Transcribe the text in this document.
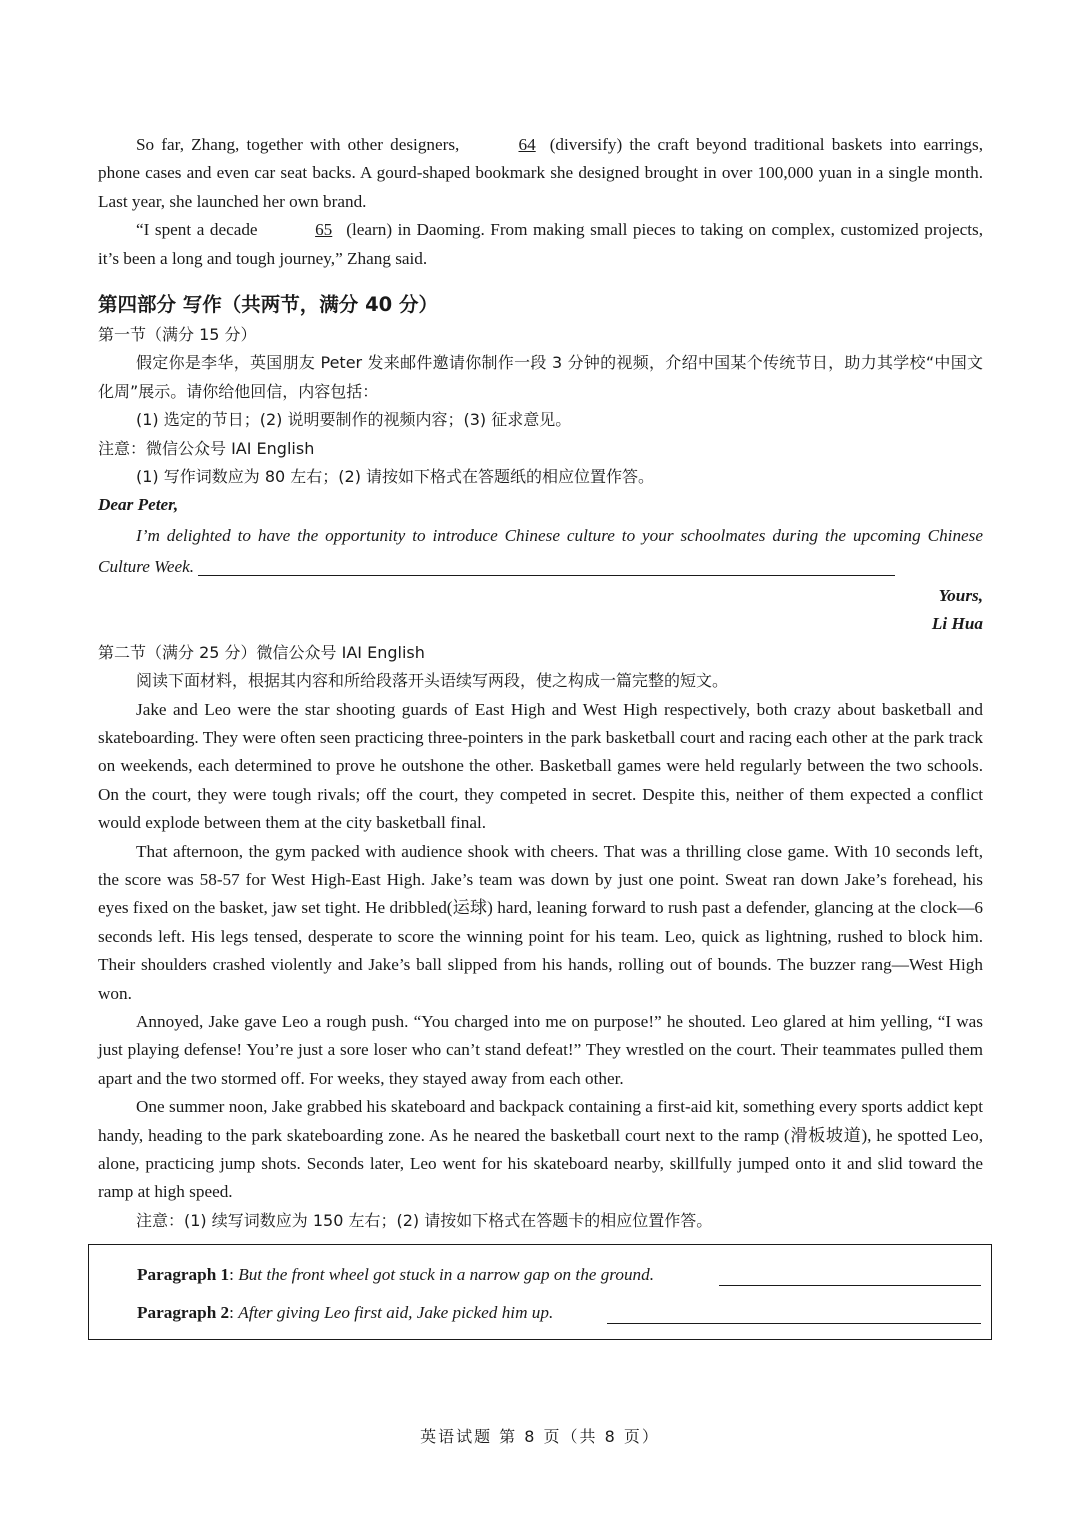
So far, Zhang, together with other designers,	64 (diversify) the craft beyond traditional baskets into earrings, phone cases and even car seat backs. A gourd-shaped bookmark she designed brought in over 100,000 yuan in a single month. Last year, she launched her own brand.

“I spent a decade	65 (learn) in Daoming. From making small pieces to taking on complex, customized projects, it’s been a long and tough journey,” Zhang said.

第四部分 写作（共两节，满分 40 分）

第一节（满分 15 分）

假定你是李华，英国朋友 Peter 发来邮件邀请你制作一段 3 分钟的视频，介绍中国某个传统节日，助力其学校“中国文化周”展示。请你给他回信，内容包括：

(1) 选定的节日；(2) 说明要制作的视频内容；(3) 征求意见。

注意：微信公众号 IAI English

(1) 写作词数应为 80 左右；(2) 请按如下格式在答题纸的相应位置作答。

Dear Peter,

I’m delighted to have the opportunity to introduce Chinese culture to your schoolmates during the upcoming Chinese Culture Week.

Yours,

Li Hua

第二节（满分 25 分）微信公众号 IAI English

阅读下面材料，根据其内容和所给段落开头语续写两段，使之构成一篇完整的短文。

Jake and Leo were the star shooting guards of East High and West High respectively, both crazy about basketball and skateboarding. They were often seen practicing three-pointers in the park basketball court and racing each other at the park track on weekends, each determined to prove he outshone the other. Basketball games were held regularly between the two schools. On the court, they were tough rivals; off the court, they competed in secret. Despite this, neither of them expected a conflict would explode between them at the city basketball final.

That afternoon, the gym packed with audience shook with cheers. That was a thrilling close game. With 10 seconds left, the score was 58-57 for West High-East High. Jake’s team was down by just one point. Sweat ran down Jake’s forehead, his eyes fixed on the basket, jaw set tight. He dribbled(运球) hard, leaning forward to rush past a defender, glancing at the clock—6 seconds left. His legs tensed, desperate to score the winning point for his team. Leo, quick as lightning, rushed to block him. Their shoulders crashed violently and Jake’s ball slipped from his hands, rolling out of bounds. The buzzer rang—West High won.

Annoyed, Jake gave Leo a rough push. “You charged into me on purpose!” he shouted. Leo glared at him yelling, “I was just playing defense! You’re just a sore loser who can’t stand defeat!” They wrestled on the court. Their teammates pulled them apart and the two stormed off. For weeks, they stayed away from each other.

One summer noon, Jake grabbed his skateboard and backpack containing a first-aid kit, something every sports addict kept handy, heading to the park skateboarding zone. As he neared the basketball court next to the ramp (滑板坡道), he spotted Leo, alone, practicing jump shots. Seconds later, Leo went for his skateboard nearby, skillfully jumped onto it and slid toward the ramp at high speed.

注意：(1) 续写词数应为 150 左右；(2) 请按如下格式在答题卡的相应位置作答。

Paragraph 1: But the front wheel got stuck in a narrow gap on the ground.
Paragraph 2: After giving Leo first aid, Jake picked him up.
英语试题 第 8 页（共 8 页）
